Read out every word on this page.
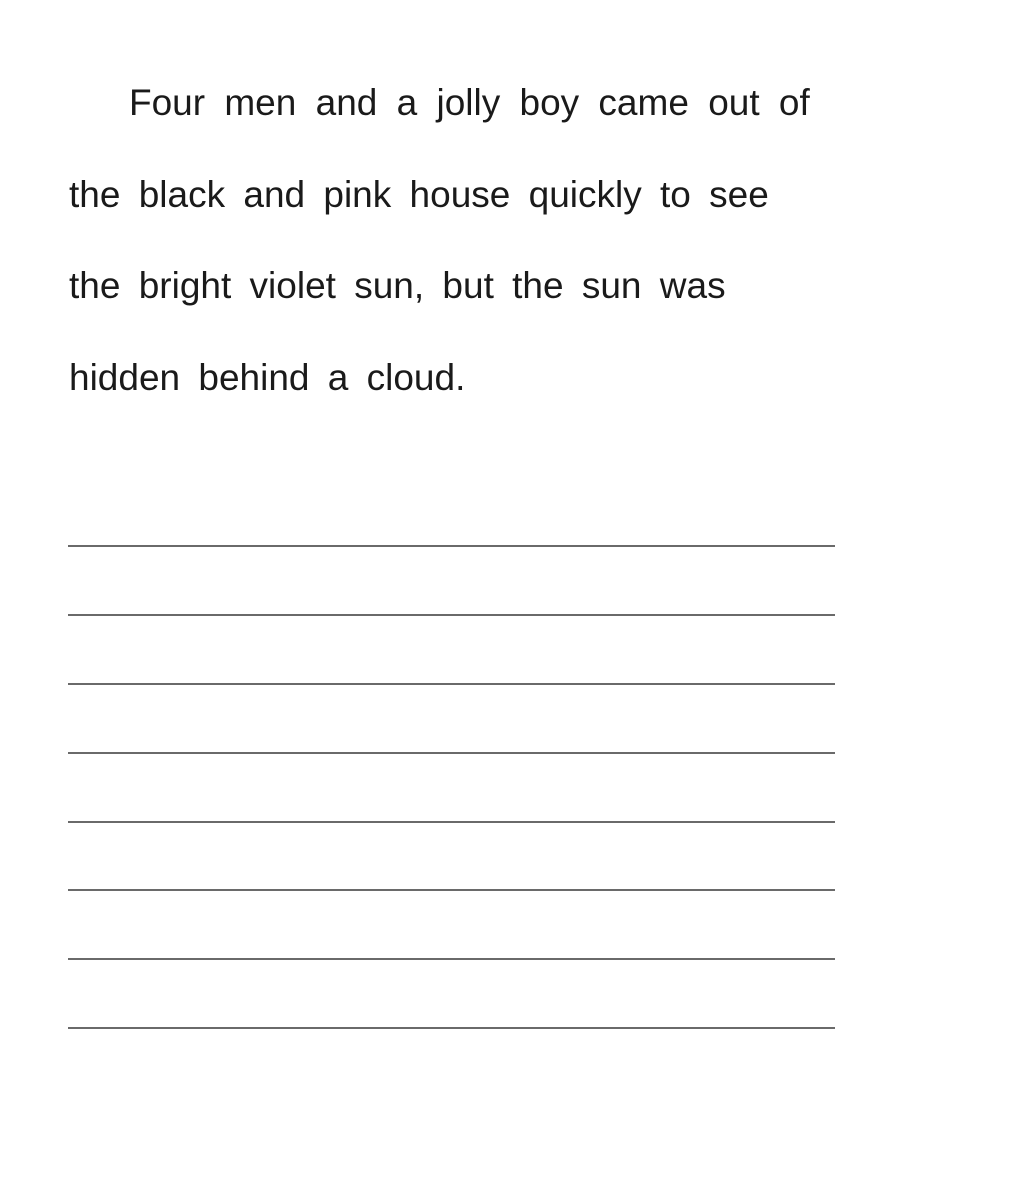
Four men and a jolly boy came out of
the black and pink house quickly to see
the bright violet sun, but the sun was
hidden behind a cloud.
